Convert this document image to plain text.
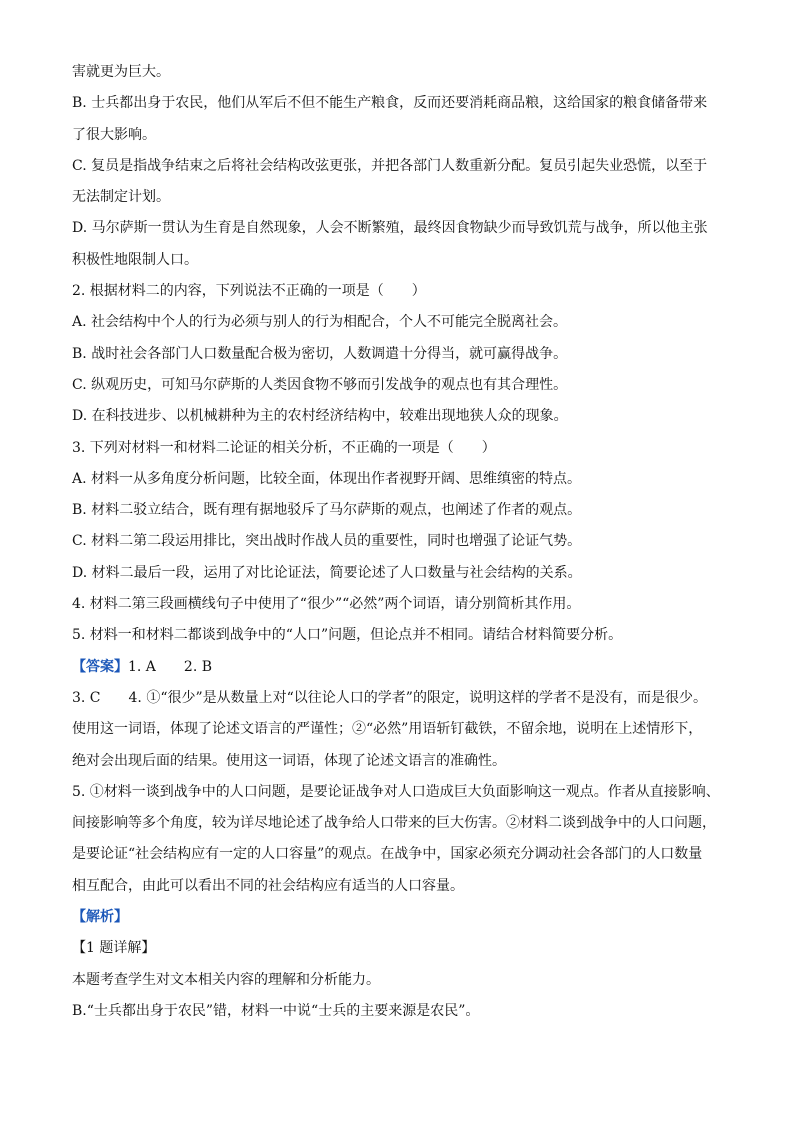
害就更为巨大。
B. 士兵都出身于农民，他们从军后不但不能生产粮食，反而还要消耗商品粮，这给国家的粮食储备带来
了很大影响。
C. 复员是指战争结束之后将社会结构改弦更张，并把各部门人数重新分配。复员引起失业恐慌，以至于
无法制定计划。
D. 马尔萨斯一贯认为生育是自然现象，人会不断繁殖，最终因食物缺少而导致饥荒与战争，所以他主张
积极性地限制人口。
2. 根据材料二的内容，下列说法不正确的一项是（　　）
A. 社会结构中个人的行为必须与别人的行为相配合，个人不可能完全脱离社会。
B. 战时社会各部门人口数量配合极为密切，人数调遣十分得当，就可赢得战争。
C. 纵观历史，可知马尔萨斯的人类因食物不够而引发战争的观点也有其合理性。
D. 在科技进步、以机械耕种为主的农村经济结构中，较难出现地狭人众的现象。
3. 下列对材料一和材料二论证的相关分析，不正确的一项是（　　）
A. 材料一从多角度分析问题，比较全面，体现出作者视野开阔、思维缜密的特点。
B. 材料二驳立结合，既有理有据地驳斥了马尔萨斯的观点，也阐述了作者的观点。
C. 材料二第二段运用排比，突出战时作战人员的重要性，同时也增强了论证气势。
D. 材料二最后一段，运用了对比论证法，简要论述了人口数量与社会结构的关系。
4. 材料二第三段画横线句子中使用了“很少”“必然”两个词语，请分别简析其作用。
5. 材料一和材料二都谈到战争中的“人口”问题，但论点并不相同。请结合材料简要分析。
【答案】1. A　　2. B
3. C　　4. ①“很少”是从数量上对“以往论人口的学者”的限定，说明这样的学者不是没有，而是很少。
使用这一词语，体现了论述文语言的严谨性；②“必然”用语斩钉截铁，不留余地，说明在上述情形下，
绝对会出现后面的结果。使用这一词语，体现了论述文语言的准确性。
5. ①材料一谈到战争中的人口问题，是要论证战争对人口造成巨大负面影响这一观点。作者从直接影响、
间接影响等多个角度，较为详尽地论述了战争给人口带来的巨大伤害。②材料二谈到战争中的人口问题，
是要论证“社会结构应有一定的人口容量”的观点。在战争中，国家必须充分调动社会各部门的人口数量
相互配合，由此可以看出不同的社会结构应有适当的人口容量。
【解析】
【1 题详解】
本题考查学生对文本相关内容的理解和分析能力。
B.“士兵都出身于农民”错，材料一中说“士兵的主要来源是农民”。
